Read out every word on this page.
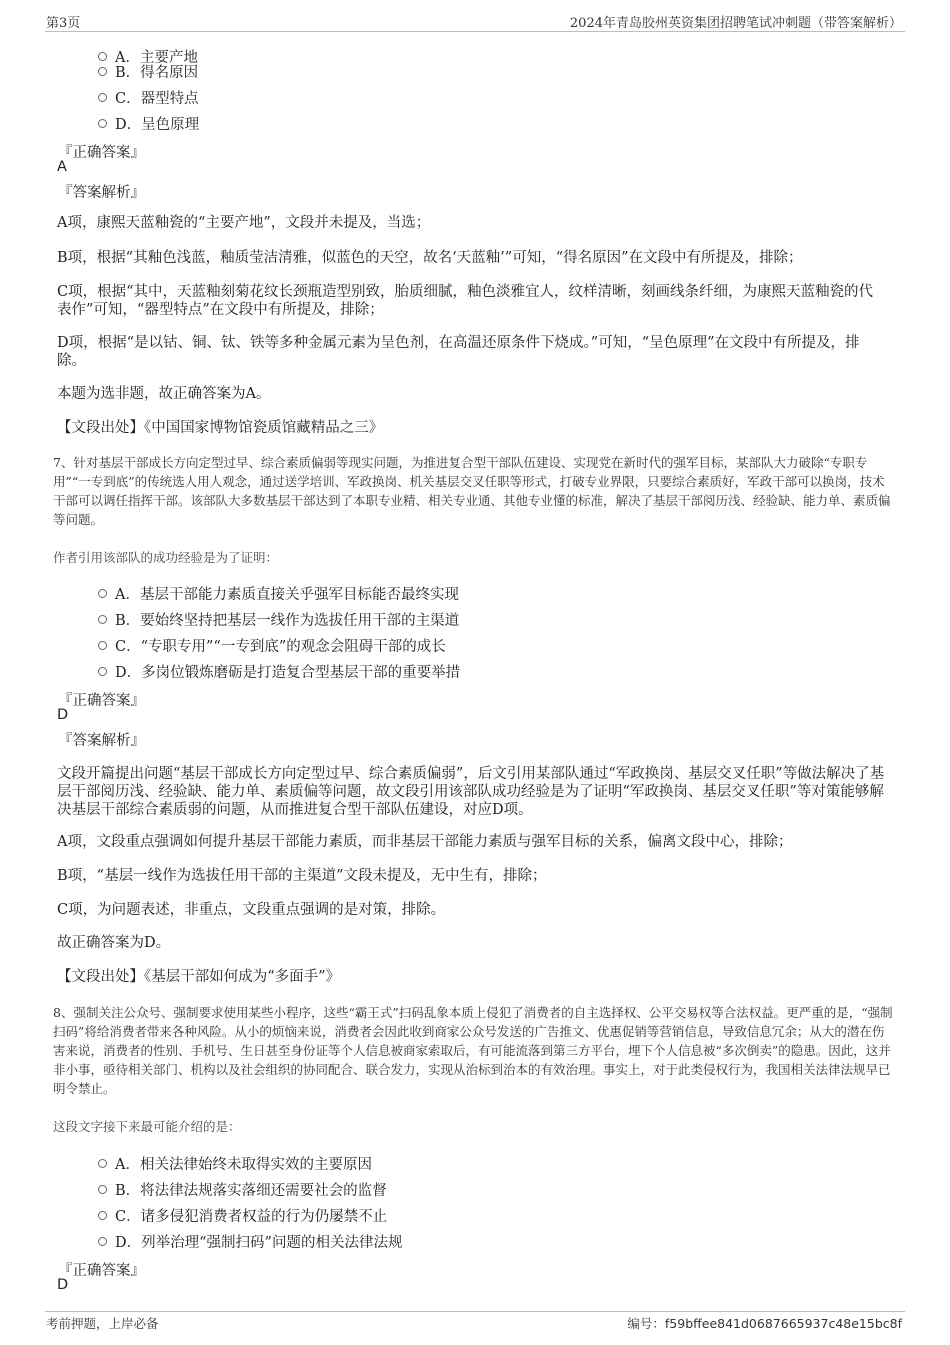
第3页	2024年青岛胶州英资集团招聘笔试冲刺题（带答案解析）
A．主要产地
B．得名原因
C．器型特点
D．呈色原理
『正确答案』
A
『答案解析』
A项，康熙天蓝釉瓷的“主要产地”，文段并未提及，当选；
B项，根据“其釉色浅蓝，釉质莹洁清雅，似蓝色的天空，故名‘天蓝釉’”可知，“得名原因”在文段中有所提及，排除；
C项，根据“其中，天蓝釉刻菊花纹长颈瓶造型别致，胎质细腻，釉色淡雅宜人，纹样清晰，刻画线条纤细，为康熙天蓝釉瓷的代表作”可知，“器型特点”在文段中有所提及，排除；
D项，根据“是以钴、铜、钛、铁等多种金属元素为呈色剂，在高温还原条件下烧成。”可知，“呈色原理”在文段中有所提及，排除。
本题为选非题，故正确答案为A。
【文段出处】《中国国家博物馆瓷质馆藏精品之三》
7、针对基层干部成长方向定型过早、综合素质偏弱等现实问题，为推进复合型干部队伍建设、实现党在新时代的强军目标，某部队大力破除“专职专用”“一专到底”的传统选人用人观念，通过送学培训、军政换岗、机关基层交叉任职等形式，打破专业界限，只要综合素质好，军政干部可以换岗，技术干部可以调任指挥干部。该部队大多数基层干部达到了本职专业精、相关专业通、其他专业懂的标准，解决了基层干部阅历浅、经验缺、能力单、素质偏等问题。
作者引用该部队的成功经验是为了证明：
A．基层干部能力素质直接关乎强军目标能否最终实现
B．要始终坚持把基层一线作为选拔任用干部的主渠道
C．“专职专用”“一专到底”的观念会阻碍干部的成长
D．多岗位锻炼磨砺是打造复合型基层干部的重要举措
『正确答案』
D
『答案解析』
文段开篇提出问题“基层干部成长方向定型过早、综合素质偏弱”，后文引用某部队通过“军政换岗、基层交叉任职”等做法解决了基层干部阅历浅、经验缺、能力单、素质偏等问题，故文段引用该部队成功经验是为了证明“军政换岗、基层交叉任职”等对策能够解决基层干部综合素质弱的问题，从而推进复合型干部队伍建设，对应D项。
A项，文段重点强调如何提升基层干部能力素质，而非基层干部能力素质与强军目标的关系，偏离文段中心，排除；
B项，“基层一线作为选拔任用干部的主渠道”文段未提及，无中生有，排除；
C项，为问题表述，非重点，文段重点强调的是对策，排除。
故正确答案为D。
【文段出处】《基层干部如何成为“多面手”》
8、强制关注公众号、强制要求使用某些小程序，这些“霸王式”扫码乱象本质上侵犯了消费者的自主选择权、公平交易权等合法权益。更严重的是，“强制扫码”将给消费者带来各种风险。从小的烦恼来说，消费者会因此收到商家公众号发送的广告推文、优惠促销等营销信息，导致信息冗余；从大的潜在伤害来说，消费者的性别、手机号、生日甚至身份证等个人信息被商家索取后，有可能流落到第三方平台，埋下个人信息被“多次倒卖”的隐患。因此，这并非小事，亟待相关部门、机构以及社会组织的协同配合、联合发力，实现从治标到治本的有效治理。事实上，对于此类侵权行为，我国相关法律法规早已明令禁止。
这段文字接下来最可能介绍的是：
A．相关法律始终未取得实效的主要原因
B．将法律法规落实落细还需要社会的监督
C．诸多侵犯消费者权益的行为仍屡禁不止
D．列举治理“强制扫码”问题的相关法律法规
『正确答案』
D
考前押题，上岸必备	编号：f59bffee841d0687665937c48e15bc8f
